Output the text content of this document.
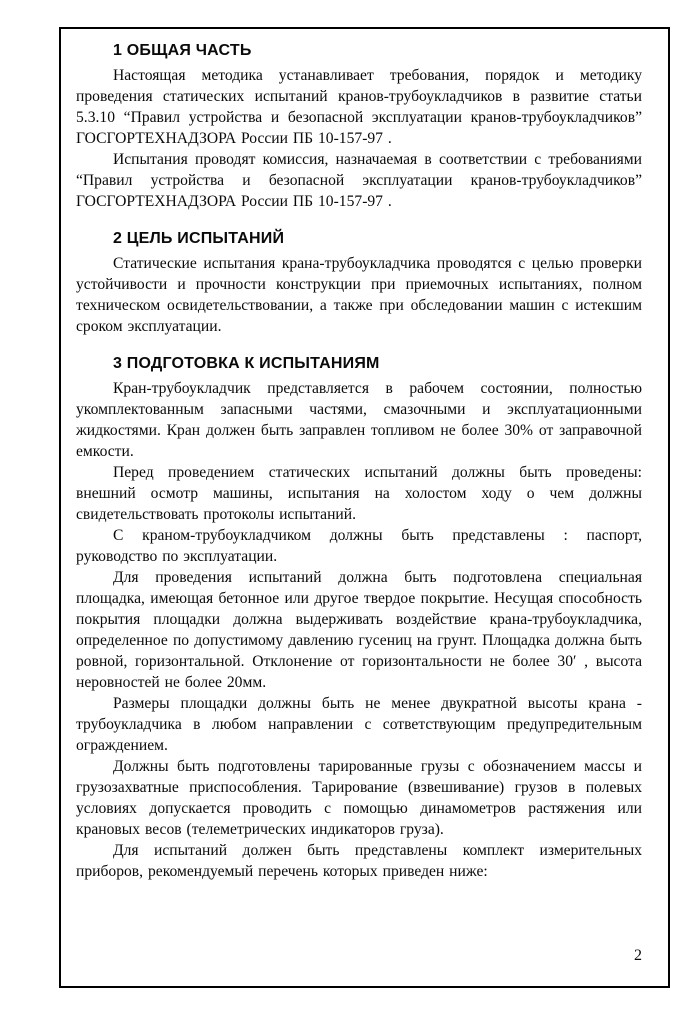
1 ОБЩАЯ ЧАСТЬ

Настоящая методика устанавливает требования, порядок и методику проведения статических испытаний кранов-трубоукладчиков в развитие статьи 5.3.10 “Правил устройства и безопасной эксплуатации кранов-трубоукладчиков” ГОСГОРТЕХНАДЗОРА России ПБ 10-157-97 .

Испытания проводят комиссия, назначаемая в соответствии с требованиями “Правил устройства и безопасной эксплуатации кранов-трубоукладчиков” ГОСГОРТЕХНАДЗОРА России ПБ 10-157-97 .

2 ЦЕЛЬ ИСПЫТАНИЙ

Статические испытания крана-трубоукладчика проводятся с целью проверки устойчивости и прочности конструкции при приемочных испытаниях, полном техническом освидетельствовании, а также при обследовании машин с истекшим сроком эксплуатации.

3 ПОДГОТОВКА К ИСПЫТАНИЯМ

Кран-трубоукладчик представляется в рабочем состоянии, полностью укомплектованным запасными частями, смазочными и эксплуатационными жидкостями. Кран должен быть заправлен топливом не более 30% от заправочной емкости.

Перед проведением статических испытаний должны быть проведены: внешний осмотр машины, испытания на холостом ходу о чем должны свидетельствовать протоколы испытаний.

С краном-трубоукладчиком должны быть представлены : паспорт, руководство по эксплуатации.

Для проведения испытаний должна быть подготовлена специальная площадка, имеющая бетонное или другое твердое покрытие. Несущая способность покрытия площадки должна выдерживать воздействие крана-трубоукладчика, определенное по допустимому давлению гусениц на грунт. Площадка должна быть ровной, горизонтальной. Отклонение от горизонтальности не более 30′ , высота неровностей не более 20мм.

Размеры площадки должны быть не менее двукратной высоты крана - трубоукладчика в любом направлении с сответствующим предупредительным ограждением.

Должны быть подготовлены тарированные грузы с обозначением массы и грузозахватные приспособления. Тарирование (взвешивание) грузов в полевых условиях допускается проводить с помощью динамометров растяжения или крановых весов (телеметрических индикаторов груза).

Для испытаний должен быть представлены комплект измерительных приборов, рекомендуемый перечень которых приведен ниже:

2
